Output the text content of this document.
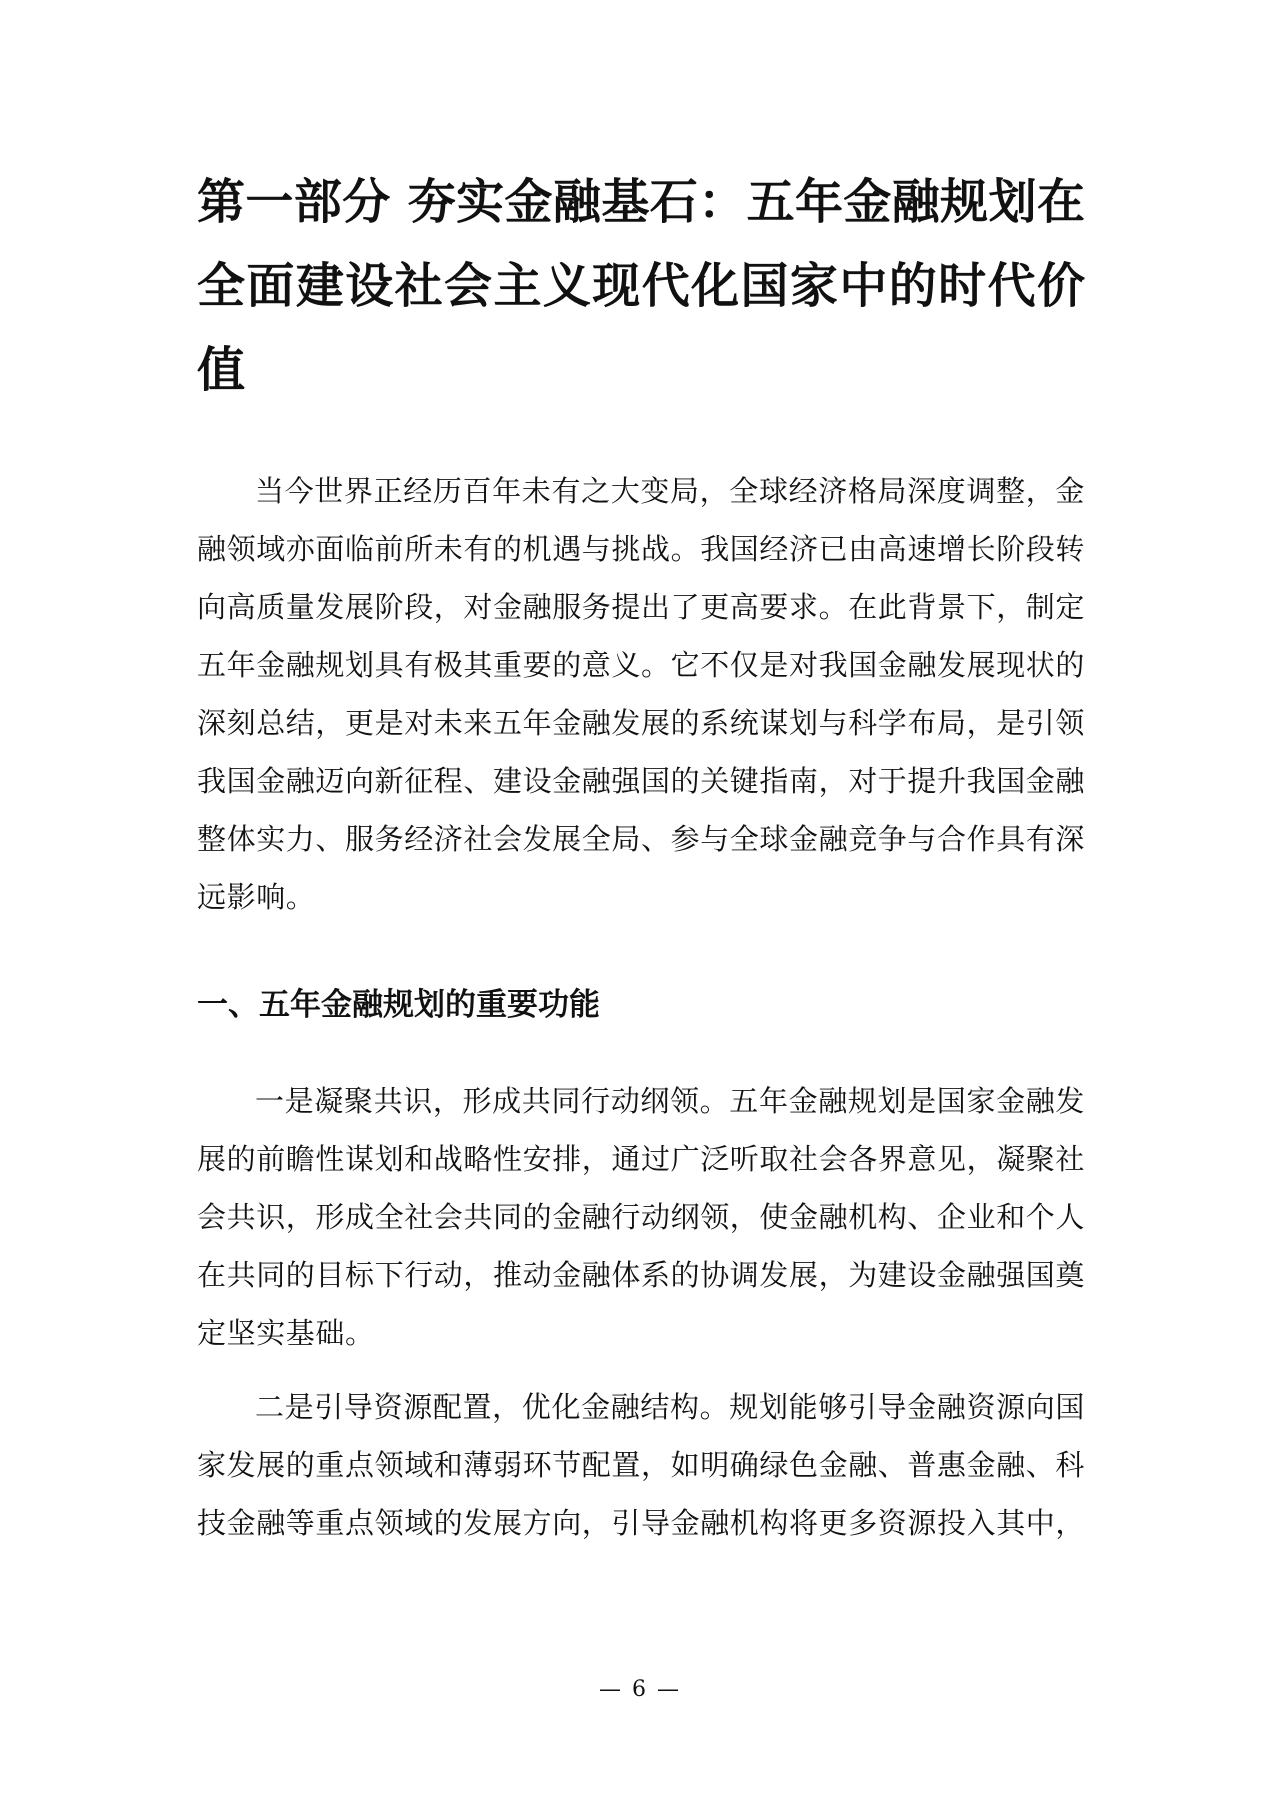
第一部分 夯实金融基石：五年金融规划在全面建设社会主义现代化国家中的时代价值

当今世界正经历百年未有之大变局，全球经济格局深度调整，金融领域亦面临前所未有的机遇与挑战。我国经济已由高速增长阶段转向高质量发展阶段，对金融服务提出了更高要求。在此背景下，制定五年金融规划具有极其重要的意义。它不仅是对我国金融发展现状的深刻总结，更是对未来五年金融发展的系统谋划与科学布局，是引领我国金融迈向新征程、建设金融强国的关键指南，对于提升我国金融整体实力、服务经济社会发展全局、参与全球金融竞争与合作具有深远影响。

一、五年金融规划的重要功能

一是凝聚共识，形成共同行动纲领。五年金融规划是国家金融发展的前瞻性谋划和战略性安排，通过广泛听取社会各界意见，凝聚社会共识，形成全社会共同的金融行动纲领，使金融机构、企业和个人在共同的目标下行动，推动金融体系的协调发展，为建设金融强国奠定坚实基础。

二是引导资源配置，优化金融结构。规划能够引导金融资源向国家发展的重点领域和薄弱环节配置，如明确绿色金融、普惠金融、科技金融等重点领域的发展方向，引导金融机构将更多资源投入其中，

— 6 —
